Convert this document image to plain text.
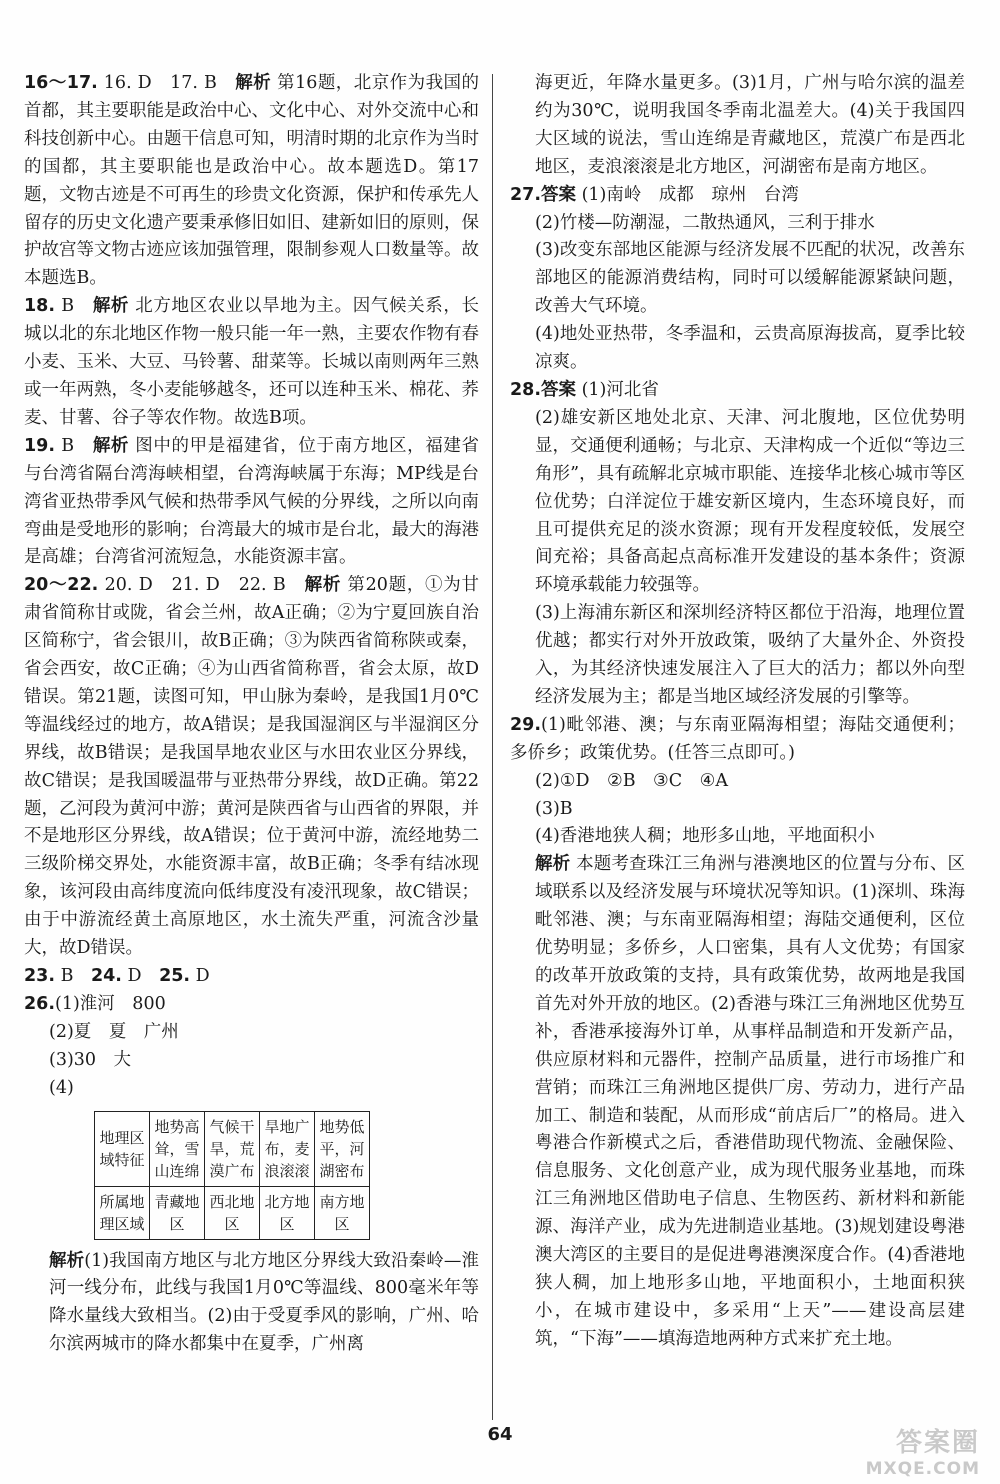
16～17. 16. D　17. B　解析 第16题，北京作为我国的首都，其主要职能是政治中心、文化中心、对外交流中心和科技创新中心。由题干信息可知，明清时期的北京作为当时的国都，其主要职能也是政治中心。故本题选D。第17题，文物古迹是不可再生的珍贵文化资源，保护和传承先人留存的历史文化遗产要秉承修旧如旧、建新如旧的原则，保护故宫等文物古迹应该加强管理，限制参观人口数量等。故本题选B。

18. B　解析 北方地区农业以旱地为主。因气候关系，长城以北的东北地区作物一般只能一年一熟，主要农作物有春小麦、玉米、大豆、马铃薯、甜菜等。长城以南则两年三熟或一年两熟，冬小麦能够越冬，还可以连种玉米、棉花、荞麦、甘薯、谷子等农作物。故选B项。

19. B　解析 图中的甲是福建省，位于南方地区，福建省与台湾省隔台湾海峡相望，台湾海峡属于东海；MP线是台湾省亚热带季风气候和热带季风气候的分界线，之所以向南弯曲是受地形的影响；台湾最大的城市是台北，最大的海港是高雄；台湾省河流短急，水能资源丰富。

20～22. 20. D　21. D　22. B　解析 第20题，①为甘肃省简称甘或陇，省会兰州，故A正确；②为宁夏回族自治区简称宁，省会银川，故B正确；③为陕西省简称陕或秦，省会西安，故C正确；④为山西省简称晋，省会太原，故D错误。第21题，读图可知，甲山脉为秦岭，是我国1月0℃等温线经过的地方，故A错误；是我国湿润区与半湿润区分界线，故B错误；是我国旱地农业区与水田农业区分界线，故C错误；是我国暖温带与亚热带分界线，故D正确。第22题，乙河段为黄河中游；黄河是陕西省与山西省的界限，并不是地形区分界线，故A错误；位于黄河中游，流经地势二三级阶梯交界处，水能资源丰富，故B正确；冬季有结冰现象，该河段由高纬度流向低纬度没有凌汛现象，故C错误；由于中游流经黄土高原地区，水土流失严重，河流含沙量大，故D错误。

23. B　24. D　25. D

26.(1)淮河　800
(2)夏　夏　广州
(3)30　大
(4)
地理区域特征	地势高耸，雪山连绵	气候干旱，荒漠广布	旱地广布，麦浪滚滚	地势低平，河湖密布
所属地理区域	青藏地区	西北地区	北方地区	南方地区

解析(1)我国南方地区与北方地区分界线大致沿秦岭—淮河一线分布，此线与我国1月0℃等温线、800毫米年等降水量线大致相当。(2)由于受夏季风的影响，广州、哈尔滨两城市的降水都集中在夏季，广州离

海更近，年降水量更多。(3)1月，广州与哈尔滨的温差约为30℃，说明我国冬季南北温差大。(4)关于我国四大区域的说法，雪山连绵是青藏地区，荒漠广布是西北地区，麦浪滚滚是北方地区，河湖密布是南方地区。

27.答案 (1)南岭　成都　琼州　台湾
(2)竹楼—防潮湿，二散热通风，三利于排水
(3)改变东部地区能源与经济发展不匹配的状况，改善东部地区的能源消费结构，同时可以缓解能源紧缺问题，改善大气环境。
(4)地处亚热带，冬季温和，云贵高原海拔高，夏季比较凉爽。
28.答案 (1)河北省
(2)雄安新区地处北京、天津、河北腹地，区位优势明显，交通便利通畅；与北京、天津构成一个近似“等边三角形”，具有疏解北京城市职能、连接华北核心城市等区位优势；白洋淀位于雄安新区境内，生态环境良好，而且可提供充足的淡水资源；现有开发程度较低，发展空间充裕；具备高起点高标准开发建设的基本条件；资源环境承载能力较强等。
(3)上海浦东新区和深圳经济特区都位于沿海，地理位置优越；都实行对外开放政策，吸纳了大量外企、外资投入，为其经济快速发展注入了巨大的活力；都以外向型经济发展为主；都是当地区域经济发展的引擎等。
29.(1)毗邻港、澳；与东南亚隔海相望；海陆交通便利；多侨乡；政策优势。(任答三点即可。)
(2)①D　②B　③C　④A
(3)B
(4)香港地狭人稠；地形多山地，平地面积小

解析 本题考查珠江三角洲与港澳地区的位置与分布、区域联系以及经济发展与环境状况等知识。(1)深圳、珠海毗邻港、澳；与东南亚隔海相望；海陆交通便利，区位优势明显；多侨乡，人口密集，具有人文优势；有国家的改革开放政策的支持，具有政策优势，故两地是我国首先对外开放的地区。(2)香港与珠江三角洲地区优势互补，香港承接海外订单，从事样品制造和开发新产品，供应原材料和元器件，控制产品质量，进行市场推广和营销；而珠江三角洲地区提供厂房、劳动力，进行产品加工、制造和装配，从而形成“前店后厂”的格局。进入粤港合作新模式之后，香港借助现代物流、金融保险、信息服务、文化创意产业，成为现代服务业基地，而珠江三角洲地区借助电子信息、生物医药、新材料和新能源、海洋产业，成为先进制造业基地。(3)规划建设粤港澳大湾区的主要目的是促进粤港澳深度合作。(4)香港地狭人稠，加上地形多山地，平地面积小，土地面积狭小，在城市建设中，多采用“上天”——建设高层建筑，“下海”——填海造地两种方式来扩充土地。

64	答案圈
MXQE.COM
